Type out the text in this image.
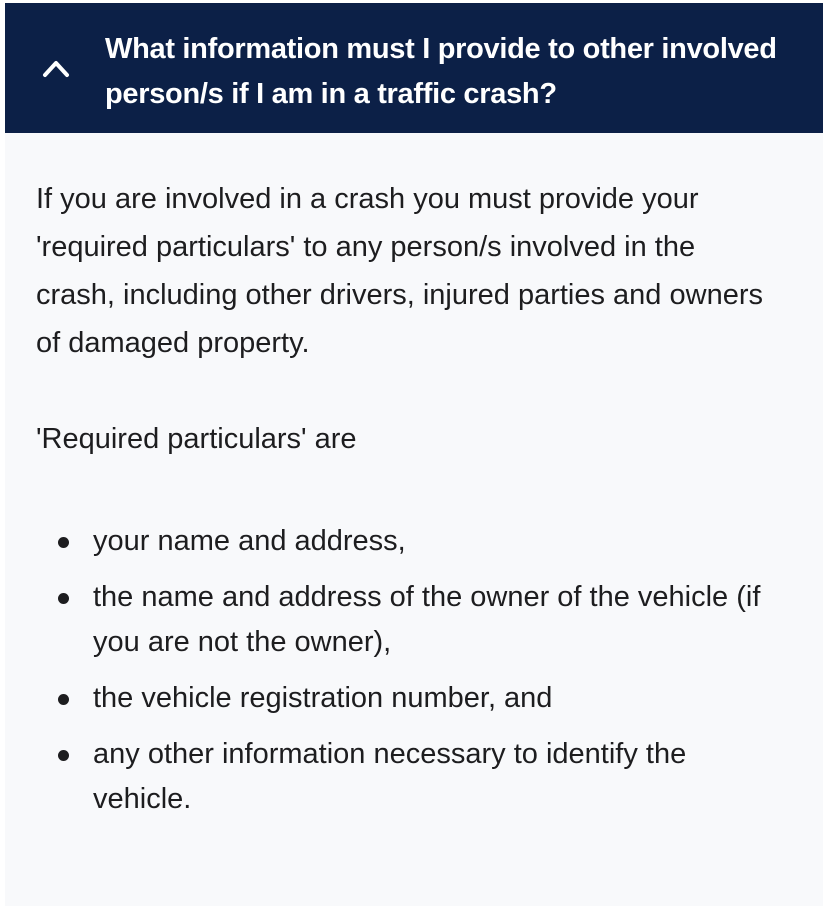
What information must I provide to other involved person/s if I am in a traffic crash?

If you are involved in a crash you must provide your 'required particulars' to any person/s involved in the crash, including other drivers, injured parties and owners of damaged property.

'Required particulars' are

your name and address,
the name and address of the owner of the vehicle (if you are not the owner),
the vehicle registration number, and
any other information necessary to identify the vehicle.
